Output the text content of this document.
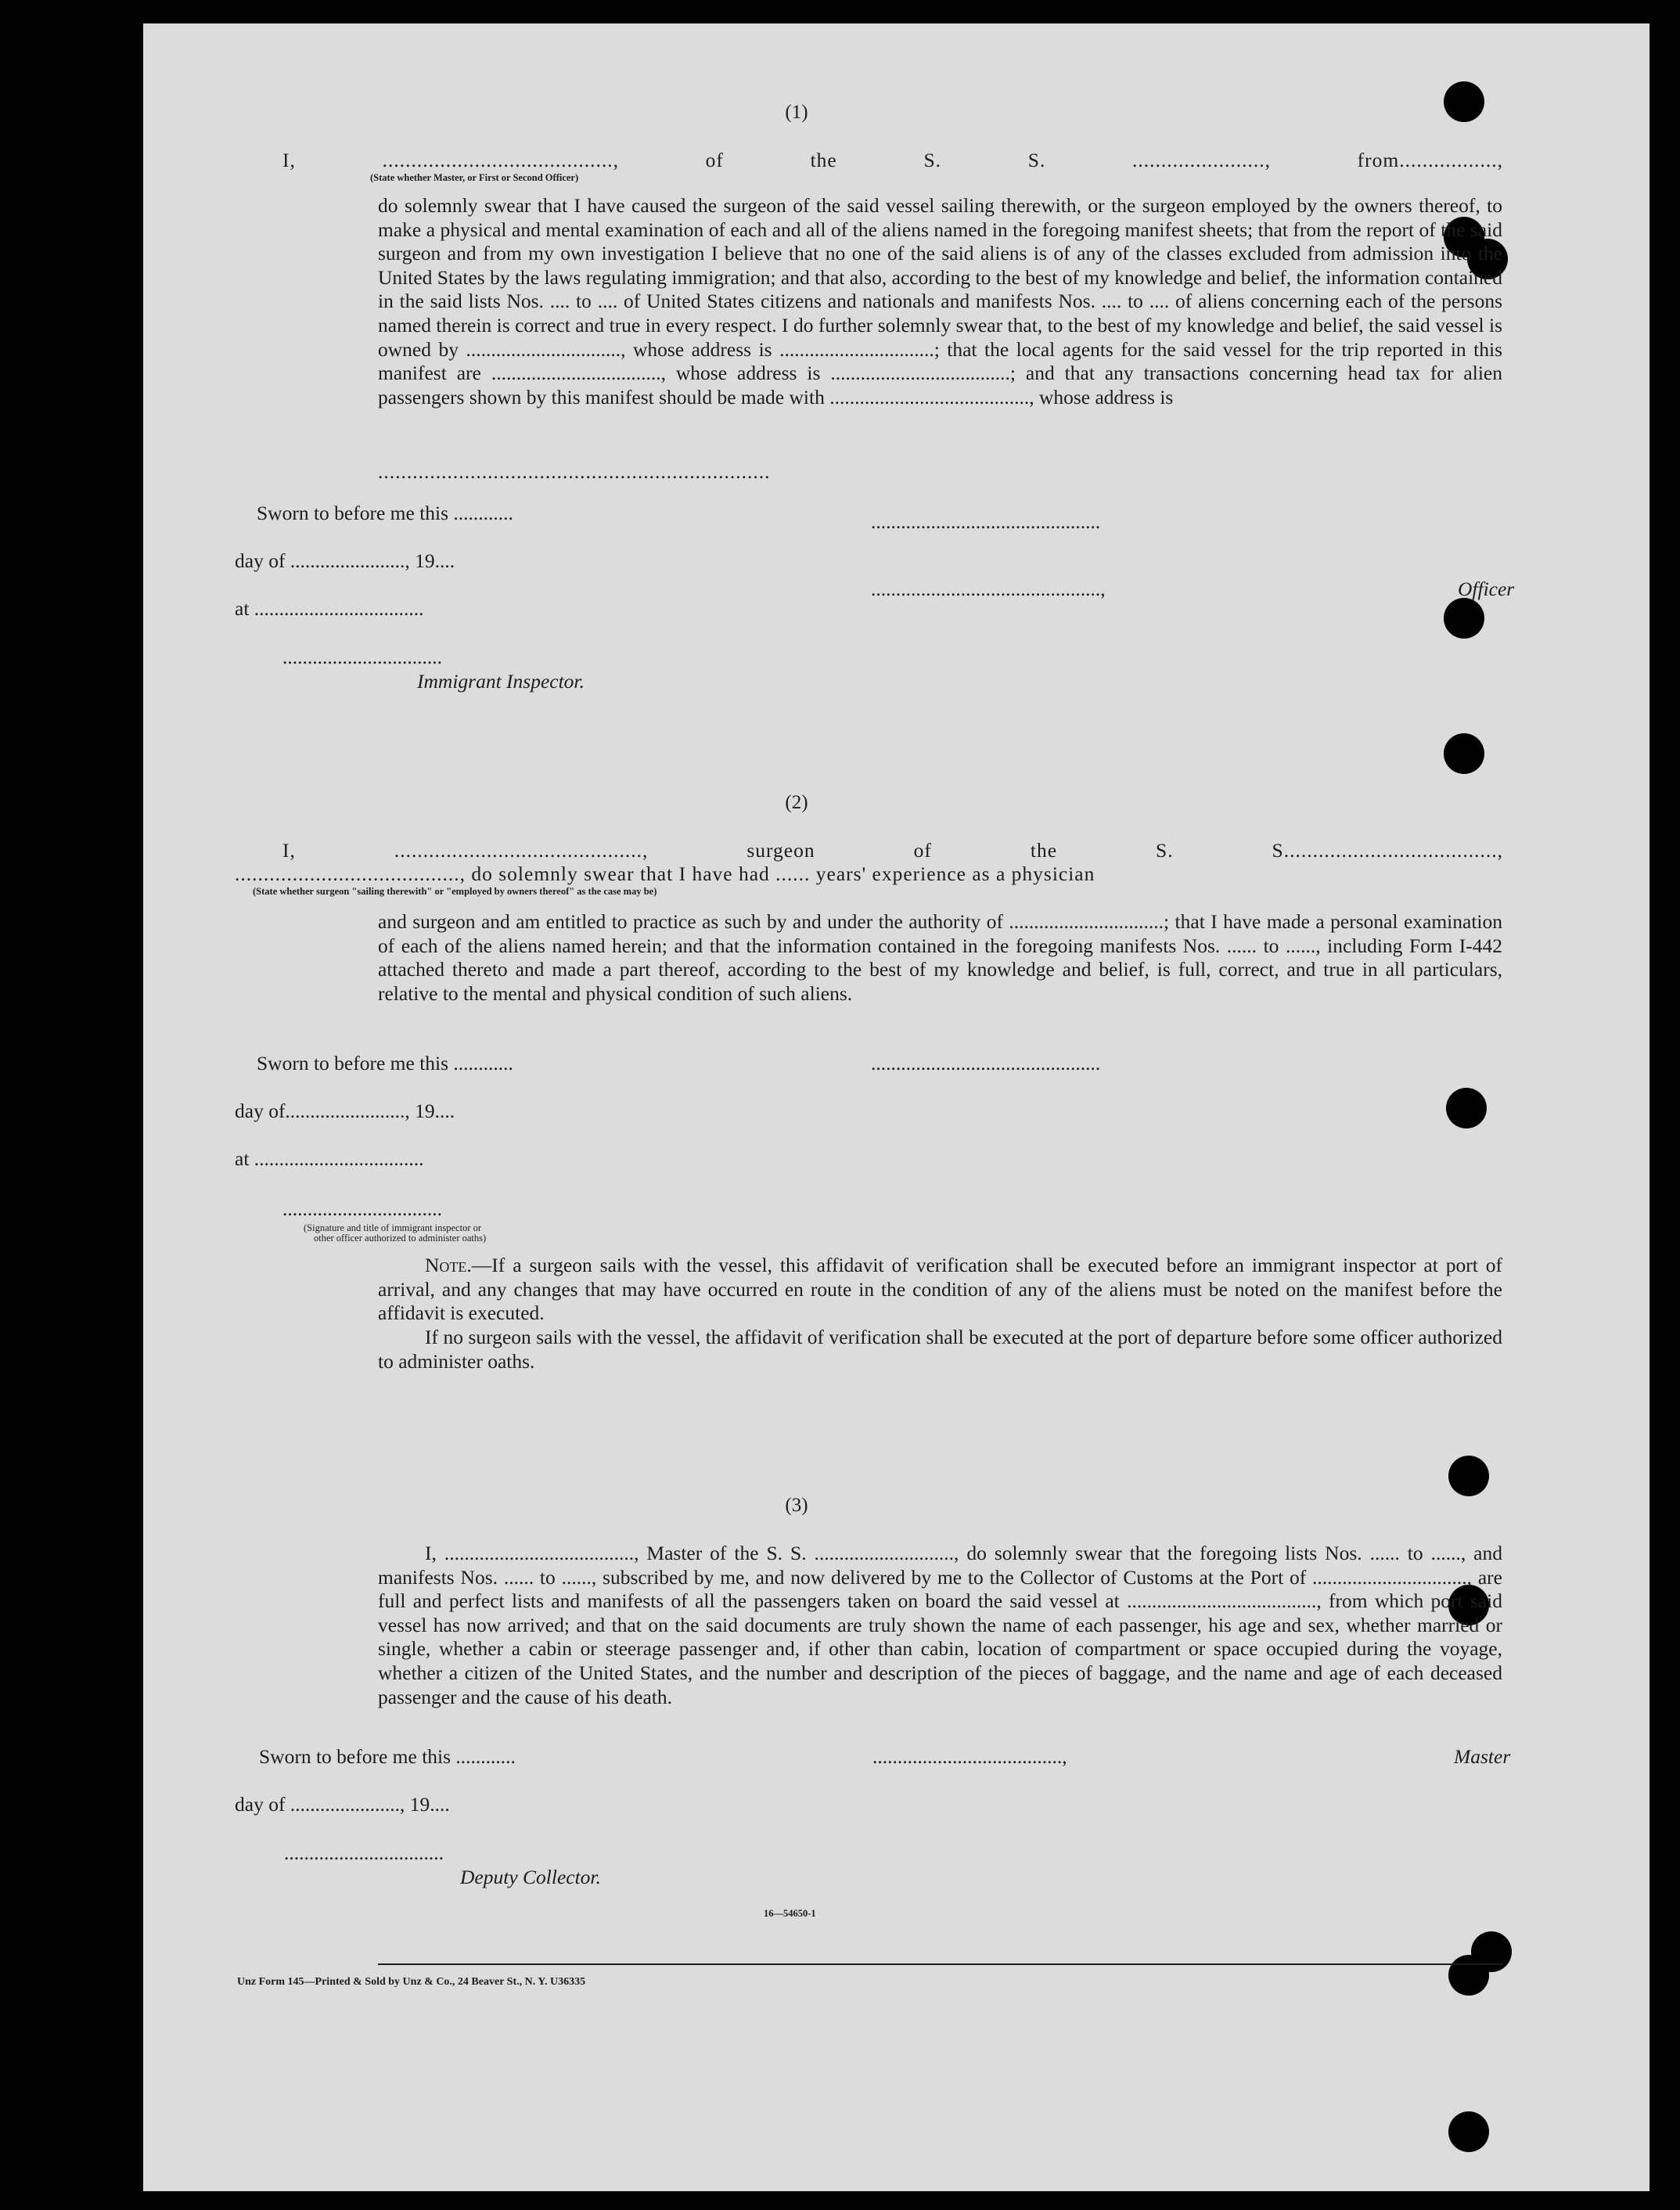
(1)
I, ........................................, of the S. S. ......................., from.................,
(State whether Master, or First or Second Officer)
do solemnly swear that I have caused the surgeon of the said vessel sailing therewith, or the surgeon employed by the owners thereof, to make a physical and mental examination of each and all of the aliens named in the foregoing manifest sheets; that from the report of the said surgeon and from my own investigation I believe that no one of the said aliens is of any of the classes excluded from admission into the United States by the laws regulating immigration; and that also, according to the best of my knowledge and belief, the information contained in the said lists Nos. .... to .... of United States citizens and nationals and manifests Nos. .... to .... of aliens concerning each of the persons named therein is correct and true in every respect. I do further solemnly swear that, to the best of my knowledge and belief, the said vessel is owned by ..............................., whose address is ...............................; that the local agents for the said vessel for the trip reported in this manifest are .................................., whose address is ....................................; and that any transactions concerning head tax for alien passengers shown by this manifest should be made with ........................................, whose address is
....................................................................
Sworn to before me this ............
day of ......................., 19....
at ..................................
................................
Immigrant Inspector.
..............................................
..............................................,	Officer
(2)
I, ..........................................., surgeon of the S. S.....................................,
......................................., do solemnly swear that I have had ...... years' experience as a physician
(State whether surgeon "sailing therewith" or "employed by owners thereof" as the case may be)
and surgeon and am entitled to practice as such by and under the authority of ...............................; that I have made a personal examination of each of the aliens named herein; and that the information contained in the foregoing manifests Nos. ...... to ......, including Form I-442 attached thereto and made a part thereof, according to the best of my knowledge and belief, is full, correct, and true in all particulars, relative to the mental and physical condition of such aliens.
Sworn to before me this ............
day of........................, 19....
at ..................................
..............................................
................................
(Signature and title of immigrant inspector or
other officer authorized to administer oaths)
Note.—If a surgeon sails with the vessel, this affidavit of verification shall be executed before an immigrant inspector at port of arrival, and any changes that may have occurred en route in the condition of any of the aliens must be noted on the manifest before the affidavit is executed.
If no surgeon sails with the vessel, the affidavit of verification shall be executed at the port of departure before some officer authorized to administer oaths.
(3)
I, ......................................, Master of the S. S. ............................, do solemnly swear that the foregoing lists Nos. ...... to ......, and manifests Nos. ...... to ......, subscribed by me, and now delivered by me to the Collector of Customs at the Port of ..............................., are full and perfect lists and manifests of all the passengers taken on board the said vessel at ......................................, from which port said vessel has now arrived; and that on the said documents are truly shown the name of each passenger, his age and sex, whether married or single, whether a cabin or steerage passenger and, if other than cabin, location of compartment or space occupied during the voyage, whether a citizen of the United States, and the number and description of the pieces of baggage, and the name and age of each deceased passenger and the cause of his death.
Sworn to before me this ............
day of ......................, 19....
................................
Deputy Collector.
......................................,	Master
16—54650-1
Unz Form 145—Printed & Sold by Unz & Co., 24 Beaver St., N. Y. U36335
